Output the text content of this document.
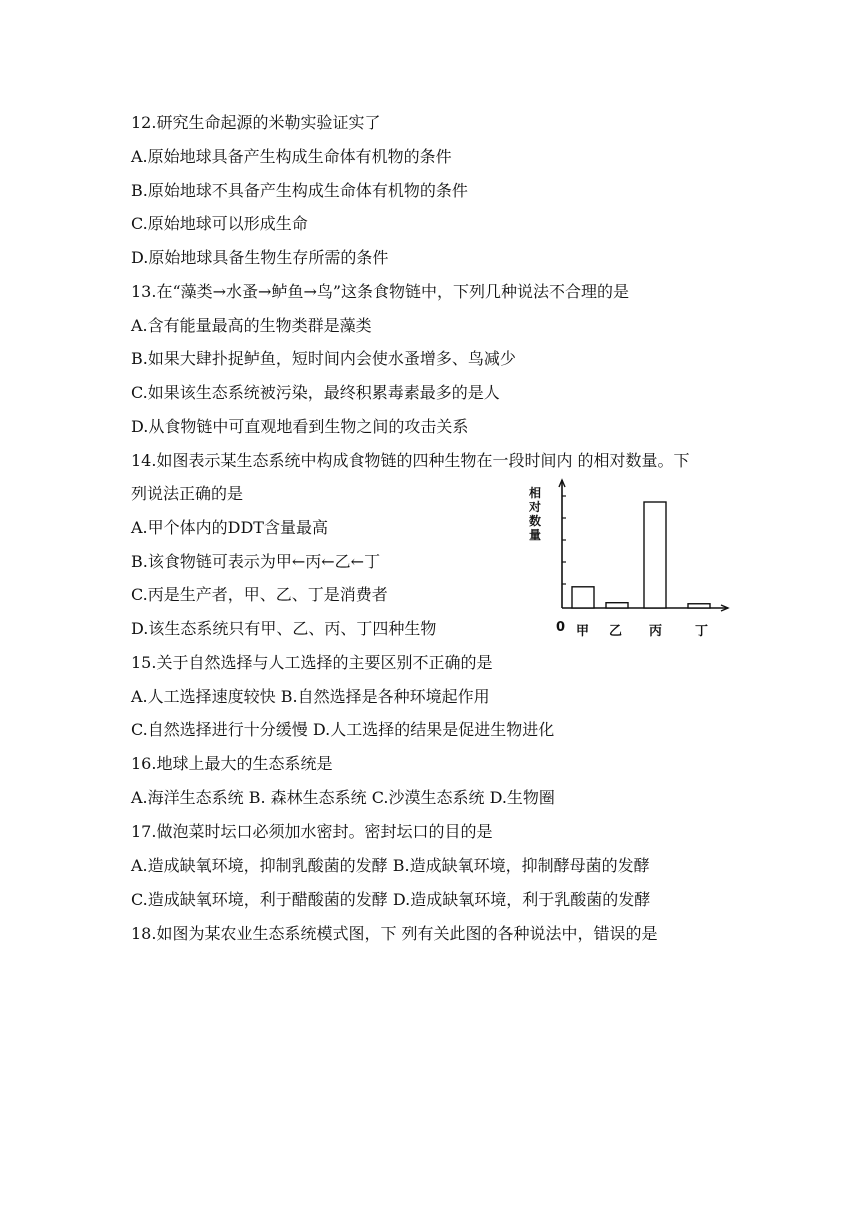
12.研究生命起源的米勒实验证实了
A.原始地球具备产生构成生命体有机物的条件
B.原始地球不具备产生构成生命体有机物的条件
C.原始地球可以形成生命
D.原始地球具备生物生存所需的条件
13.在“藻类→水蚤→鲈鱼→鸟”这条食物链中，下列几种说法不合理的是
A.含有能量最高的生物类群是藻类
B.如果大肆扑捉鲈鱼，短时间内会使水蚤增多、鸟减少
C.如果该生态系统被污染，最终积累毒素最多的是人
D.从食物链中可直观地看到生物之间的攻击关系
14.如图表示某生态系统中构成食物链的四种生物在一段时间内 的相对数量。下
列说法正确的是
A.甲个体内的DDT含量最高
B.该食物链可表示为甲←丙←乙←丁
C.丙是生产者，甲、乙、丁是消费者
D.该生态系统只有甲、乙、丙、丁四种生物
15.关于自然选择与人工选择的主要区别不正确的是
A.人工选择速度较快 B.自然选择是各种环境起作用
C.自然选择进行十分缓慢 D.人工选择的结果是促进生物进化
16.地球上最大的生态系统是
A.海洋生态系统 B. 森林生态系统 C.沙漠生态系统 D.生物圈
17.做泡菜时坛口必须加水密封。密封坛口的目的是
A.造成缺氧环境，抑制乳酸菌的发酵 B.造成缺氧环境，抑制酵母菌的发酵
C.造成缺氧环境，利于醋酸菌的发酵 D.造成缺氧环境，利于乳酸菌的发酵
18.如图为某农业生态系统模式图，下 列有关此图的各种说法中，错误的是
相
对
数
量
0 甲 乙 丙	丁
